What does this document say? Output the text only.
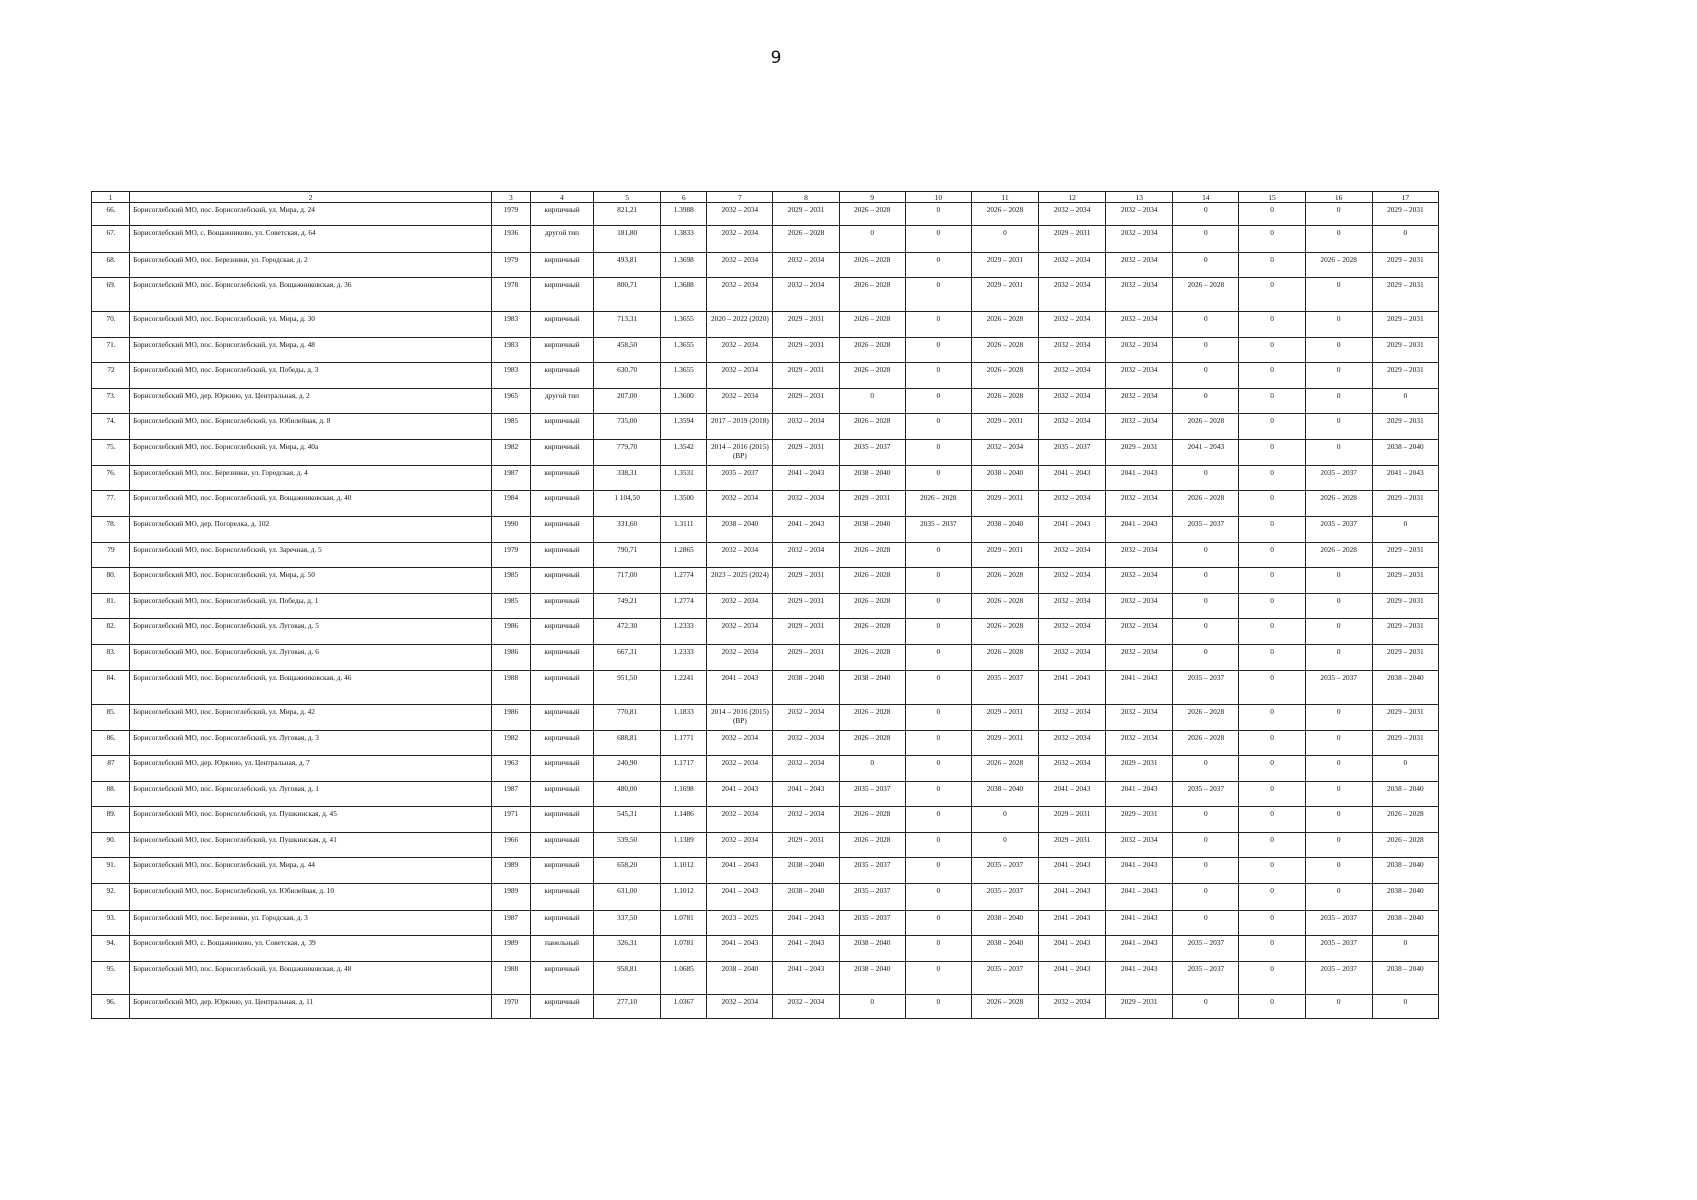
9
1	2	3	4	5	6	7	8	9	10	11	12	13	14	15	16	17
66.	Борисоглебский МО, пос. Борисоглебский, ул. Мира, д. 24	1979	кирпичный	821,21	1.3988	2032 – 2034	2029 – 2031	2026 – 2028	0	2026 – 2028	2032 – 2034	2032 – 2034	0	0	0	2029 – 2031
67.	Борисоглебский МО, с. Вощажниково, ул. Советская, д. 64	1936	другой тип	181,80	1.3833	2032 – 2034	2026 – 2028	0	0	0	2029 – 2031	2032 – 2034	0	0	0	0
68.	Борисоглебский МО, пос. Березники, ул. Городская, д. 2	1979	кирпичный	493,81	1.3698	2032 – 2034	2032 – 2034	2026 – 2028	0	2029 – 2031	2032 – 2034	2032 – 2034	0	0	2026 – 2028	2029 – 2031
69.	Борисоглебский МО, пос. Борисоглебский, ул. Вощажниковская, д. 36	1978	кирпичный	800,71	1.3688	2032 – 2034	2032 – 2034	2026 – 2028	0	2029 – 2031	2032 – 2034	2032 – 2034	2026 – 2028	0	0	2029 – 2031
70.	Борисоглебский МО, пос. Борисоглебский, ул. Мира, д. 30	1983	кирпичный	713,31	1.3655	2020 – 2022 (2020)	2029 – 2031	2026 – 2028	0	2026 – 2028	2032 – 2034	2032 – 2034	0	0	0	2029 – 2031
71.	Борисоглебский МО, пос. Борисоглебский, ул. Мира, д. 48	1983	кирпичный	458,50	1.3655	2032 – 2034	2029 – 2031	2026 – 2028	0	2026 – 2028	2032 – 2034	2032 – 2034	0	0	0	2029 – 2031
72	Борисоглебский МО, пос. Борисоглебский, ул. Победы, д. 3	1983	кирпичный	630,70	1.3655	2032 – 2034	2029 – 2031	2026 – 2028	0	2026 – 2028	2032 – 2034	2032 – 2034	0	0	0	2029 – 2031
73.	Борисоглебский МО, дер. Юркино, ул. Центральная, д. 2	1965	другой тип	207,00	1.3600	2032 – 2034	2029 – 2031	0	0	2026 – 2028	2032 – 2034	2032 – 2034	0	0	0	0
74.	Борисоглебский МО, пос. Борисоглебский, ул. Юбилейная, д. 8	1985	кирпичный	735,00	1.3594	2017 – 2019 (2018)	2032 – 2034	2026 – 2028	0	2029 – 2031	2032 – 2034	2032 – 2034	2026 – 2028	0	0	2029 – 2031
75.	Борисоглебский МО, пос. Борисоглебский, ул. Мира, д. 40а	1982	кирпичный	779,70	1.3542	2014 – 2016 (2015) (ВР)	2029 – 2031	2035 – 2037	0	2032 – 2034	2035 – 2037	2029 – 2031	2041 – 2043	0	0	2038 – 2040
76.	Борисоглебский МО, пос. Березники, ул. Городская, д. 4	1987	кирпичный	338,31	1.3531	2035 – 2037	2041 – 2043	2038 – 2040	0	2038 – 2040	2041 – 2043	2041 – 2043	0	0	2035 – 2037	2041 – 2043
77.	Борисоглебский МО, пос. Борисоглебский, ул. Вощажниковская, д. 40	1984	кирпичный	1 104,50	1.3500	2032 – 2034	2032 – 2034	2029 – 2031	2026 – 2028	2029 – 2031	2032 – 2034	2032 – 2034	2026 – 2028	0	2026 – 2028	2029 – 2031
78.	Борисоглебский МО, дер. Погорелка, д. 102	1990	кирпичный	331,60	1.3111	2038 – 2040	2041 – 2043	2038 – 2040	2035 – 2037	2038 – 2040	2041 – 2043	2041 – 2043	2035 – 2037	0	2035 – 2037	0
79	Борисоглебский МО, пос. Борисоглебский, ул. Заречная, д. 5	1979	кирпичный	790,71	1.2865	2032 – 2034	2032 – 2034	2026 – 2028	0	2029 – 2031	2032 – 2034	2032 – 2034	0	0	2026 – 2028	2029 – 2031
80.	Борисоглебский МО, пос. Борисоглебский, ул. Мира, д. 50	1985	кирпичный	717,00	1.2774	2023 – 2025 (2024)	2029 – 2031	2026 – 2028	0	2026 – 2028	2032 – 2034	2032 – 2034	0	0	0	2029 – 2031
81.	Борисоглебский МО, пос. Борисоглебский, ул. Победы, д. 1	1985	кирпичный	749,21	1.2774	2032 – 2034	2029 – 2031	2026 – 2028	0	2026 – 2028	2032 – 2034	2032 – 2034	0	0	0	2029 – 2031
82.	Борисоглебский МО, пос. Борисоглебский, ул. Луговая, д. 5	1986	кирпичный	472,30	1.2333	2032 – 2034	2029 – 2031	2026 – 2028	0	2026 – 2028	2032 – 2034	2032 – 2034	0	0	0	2029 – 2031
83.	Борисоглебский МО, пос. Борисоглебский, ул. Луговая, д. 6	1986	кирпичный	667,31	1.2333	2032 – 2034	2029 – 2031	2026 – 2028	0	2026 – 2028	2032 – 2034	2032 – 2034	0	0	0	2029 – 2031
84.	Борисоглебский МО, пос. Борисоглебский, ул. Вощажниковская, д. 46	1988	кирпичный	951,50	1.2241	2041 – 2043	2038 – 2040	2038 – 2040	0	2035 – 2037	2041 – 2043	2041 – 2043	2035 – 2037	0	2035 – 2037	2038 – 2040
85.	Борисоглебский МО, пос. Борисоглебский, ул. Мира, д. 42	1986	кирпичный	770,81	1.1833	2014 – 2016 (2015) (ВР)	2032 – 2034	2026 – 2028	0	2029 – 2031	2032 – 2034	2032 – 2034	2026 – 2028	0	0	2029 – 2031
86.	Борисоглебский МО, пос. Борисоглебский, ул. Луговая, д. 3	1982	кирпичный	688,81	1.1771	2032 – 2034	2032 – 2034	2026 – 2028	0	2029 – 2031	2032 – 2034	2032 – 2034	2026 – 2028	0	0	2029 – 2031
87	Борисоглебский МО, дер. Юркино, ул. Центральная, д. 7	1963	кирпичный	240,90	1.1717	2032 – 2034	2032 – 2034	0	0	2026 – 2028	2032 – 2034	2029 – 2031	0	0	0	0
88.	Борисоглебский МО, пос. Борисоглебский, ул. Луговая, д. 1	1987	кирпичный	480,00	1.1698	2041 – 2043	2041 – 2043	2035 – 2037	0	2038 – 2040	2041 – 2043	2041 – 2043	2035 – 2037	0	0	2038 – 2040
89.	Борисоглебский МО, пос. Борисоглебский, ул. Пушкинская, д. 45	1971	кирпичный	545,31	1.1486	2032 – 2034	2032 – 2034	2026 – 2028	0	0	2029 – 2031	2029 – 2031	0	0	0	2026 – 2028
90.	Борисоглебский МО, пос. Борисоглебский, ул. Пушкинская, д. 41	1966	кирпичный	539,50	1.1389	2032 – 2034	2029 – 2031	2026 – 2028	0	0	2029 – 2031	2032 – 2034	0	0	0	2026 – 2028
91.	Борисоглебский МО, пос. Борисоглебский, ул. Мира, д. 44	1989	кирпичный	658,20	1.1012	2041 – 2043	2038 – 2040	2035 – 2037	0	2035 – 2037	2041 – 2043	2041 – 2043	0	0	0	2038 – 2040
92.	Борисоглебский МО, пос. Борисоглебский, ул. Юбилейная, д. 10	1989	кирпичный	631,00	1.1012	2041 – 2043	2038 – 2040	2035 – 2037	0	2035 – 2037	2041 – 2043	2041 – 2043	0	0	0	2038 – 2040
93.	Борисоглебский МО, пос. Березники, ул. Городская, д. 3	1987	кирпичный	337,50	1.0781	2023 – 2025	2041 – 2043	2035 – 2037	0	2038 – 2040	2041 – 2043	2041 – 2043	0	0	2035 – 2037	2038 – 2040
94.	Борисоглебский МО, с. Вощажниково, ул. Советская, д. 39	1989	панельный	326,31	1.0781	2041 – 2043	2041 – 2043	2038 – 2040	0	2038 – 2040	2041 – 2043	2041 – 2043	2035 – 2037	0	2035 – 2037	0
95.	Борисоглебский МО, пос. Борисоглебский, ул. Вощажниковская, д. 48	1988	кирпичный	958,81	1.0685	2038 – 2040	2041 – 2043	2038 – 2040	0	2035 – 2037	2041 – 2043	2041 – 2043	2035 – 2037	0	2035 – 2037	2038 – 2040
96.	Борисоглебский МО, дер. Юркино, ул. Центральная, д. 11	1970	кирпичный	277,10	1.0367	2032 – 2034	2032 – 2034	0	0	2026 – 2028	2032 – 2034	2029 – 2031	0	0	0	0
